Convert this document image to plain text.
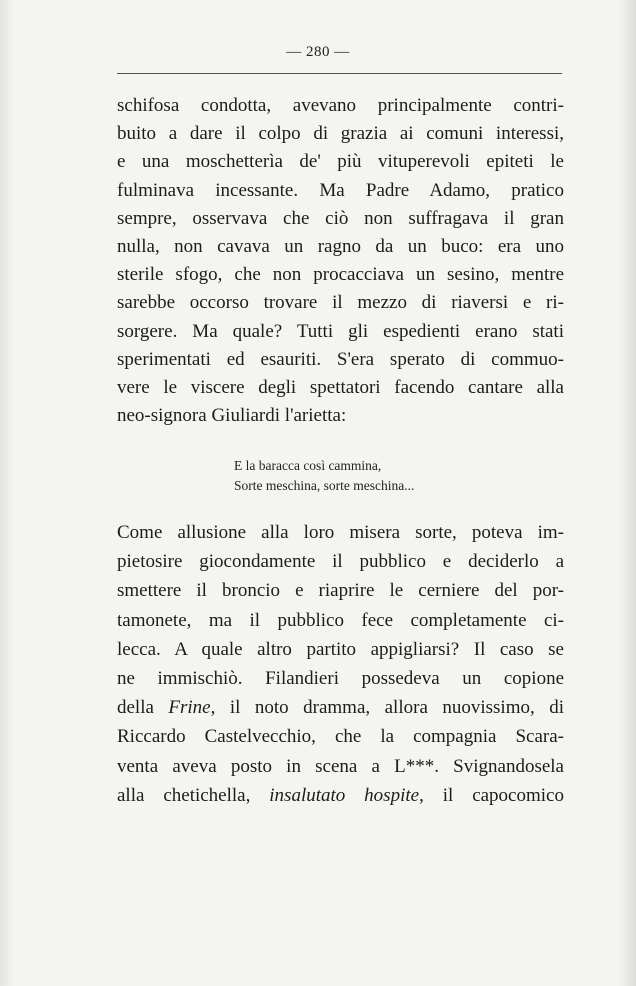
— 280 —
schifosa condotta, avevano principalmente contri-
buito a dare il colpo di grazia ai comuni interessi,
e una moschetterìa de' più vituperevoli epiteti le
fulminava incessante. Ma Padre Adamo, pratico
sempre, osservava che ciò non suffragava il gran
nulla, non cavava un ragno da un buco: era uno
sterile sfogo, che non procacciava un sesino, mentre
sarebbe occorso trovare il mezzo di riaversi e ri-
sorgere. Ma quale? Tutti gli espedienti erano stati
sperimentati ed esauriti. S'era sperato di commuo-
vere le viscere degli spettatori facendo cantare alla
neo-signora Giuliardi l'arietta:
E la baracca così cammina,
Sorte meschina, sorte meschina...
Come allusione alla loro misera sorte, poteva im-
pietosire giocondamente il pubblico e deciderlo a
smettere il broncio e riaprire le cerniere del por-
tamonete, ma il pubblico fece completamente ci-
lecca. A quale altro partito appigliarsi? Il caso se
ne immischiò. Filandieri possedeva un copione
della Frine, il noto dramma, allora nuovissimo, di
Riccardo Castelvecchio, che la compagnia Scara-
venta aveva posto in scena a L***. Svignandosela
alla chetichella, insalutato hospite, il capocomico
